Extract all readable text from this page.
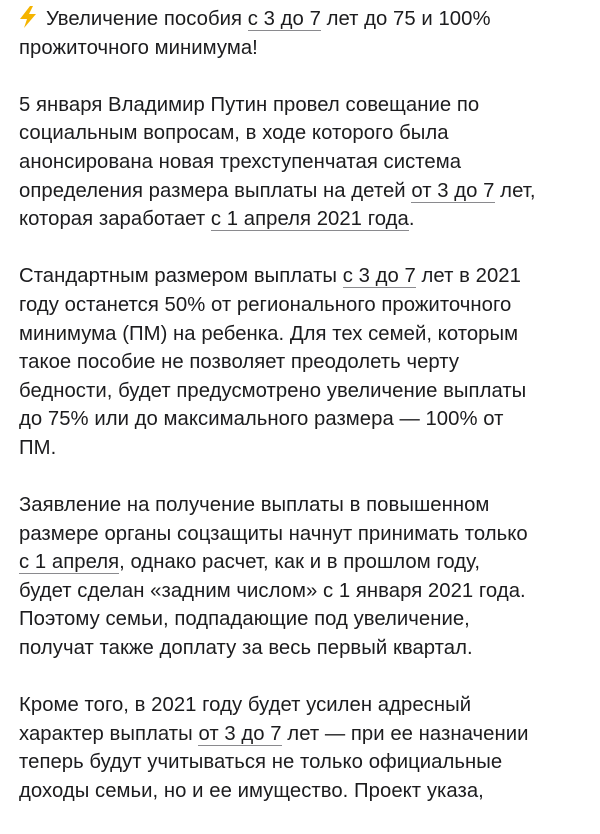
Увеличение пособия с 3 до 7 лет до 75 и 100%
прожиточного минимума!
5 января Владимир Путин провел совещание по
социальным вопросам, в ходе которого была
анонсирована новая трехступенчатая система
определения размера выплаты на детей от 3 до 7 лет,
которая заработает с 1 апреля 2021 года.
Стандартным размером выплаты с 3 до 7 лет в 2021
году останется 50% от регионального прожиточного
минимума (ПМ) на ребенка. Для тех семей, которым
такое пособие не позволяет преодолеть черту
бедности, будет предусмотрено увеличение выплаты
до 75% или до максимального размера — 100% от
ПМ.
Заявление на получение выплаты в повышенном
размере органы соцзащиты начнут принимать только
с 1 апреля, однако расчет, как и в прошлом году,
будет сделан «задним числом» с 1 января 2021 года.
Поэтому семьи, подпадающие под увеличение,
получат также доплату за весь первый квартал.
Кроме того, в 2021 году будет усилен адресный
характер выплаты от 3 до 7 лет — при ее назначении
теперь будут учитываться не только официальные
доходы семьи, но и ее имущество. Проект указа,
